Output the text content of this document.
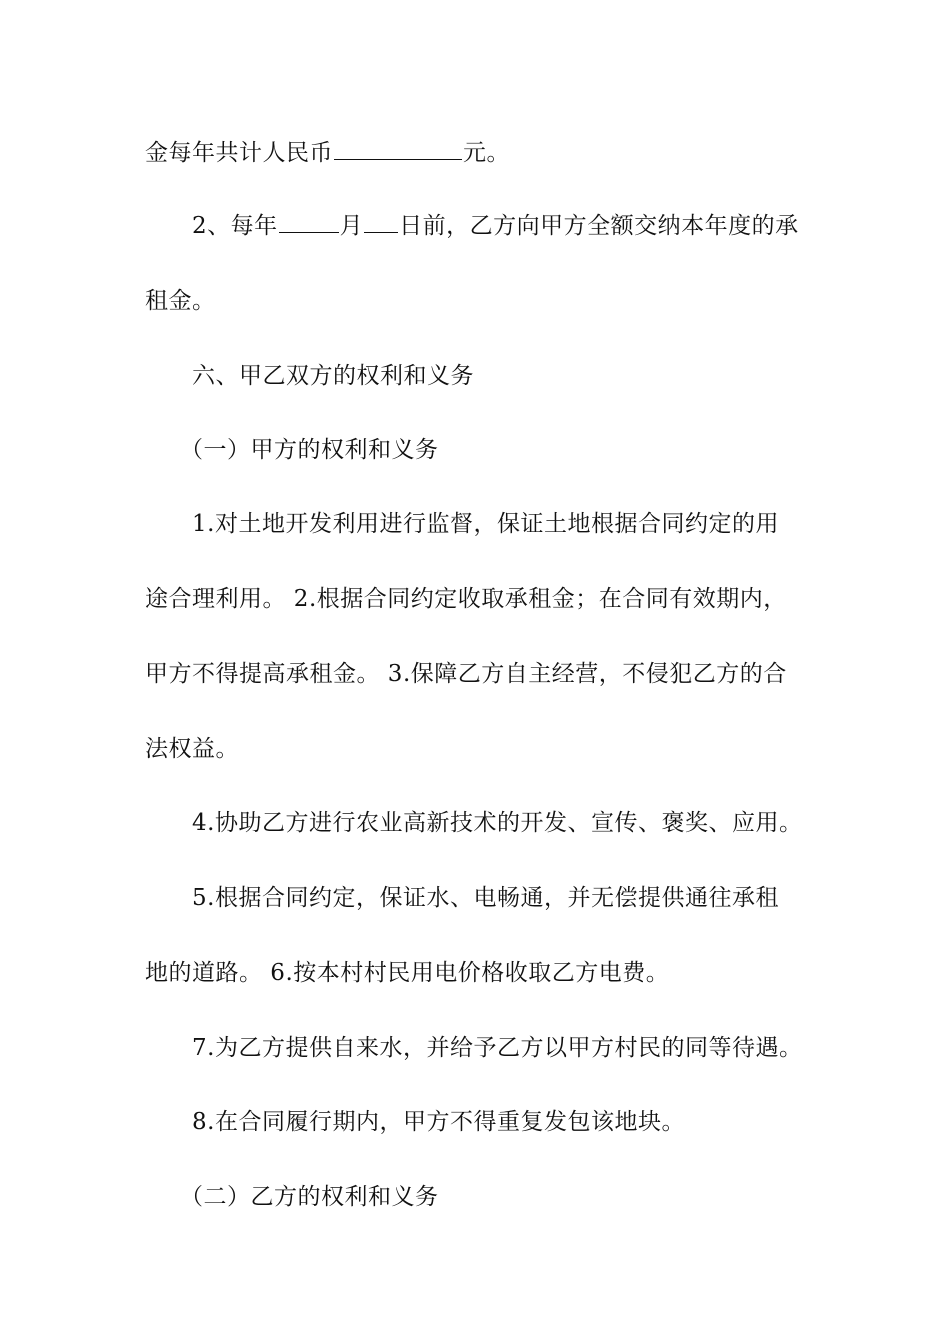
金每年共计人民币	元。
2、每年	月 日前，乙方向甲方全额交纳本年度的承
租金。
六、甲乙双方的权利和义务
（一）甲方的权利和义务
1.对土地开发利用进行监督，保证土地根据合同约定的用
途合理利用。 2.根据合同约定收取承租金；在合同有效期内，
甲方不得提高承租金。 3.保障乙方自主经营，不侵犯乙方的合
法权益。
4.协助乙方进行农业高新技术的开发、宣传、褒奖、应用。
5.根据合同约定，保证水、电畅通，并无偿提供通往承租
地的道路。 6.按本村村民用电价格收取乙方电费。
7.为乙方提供自来水，并给予乙方以甲方村民的同等待遇。
8.在合同履行期内，甲方不得重复发包该地块。
（二）乙方的权利和义务
